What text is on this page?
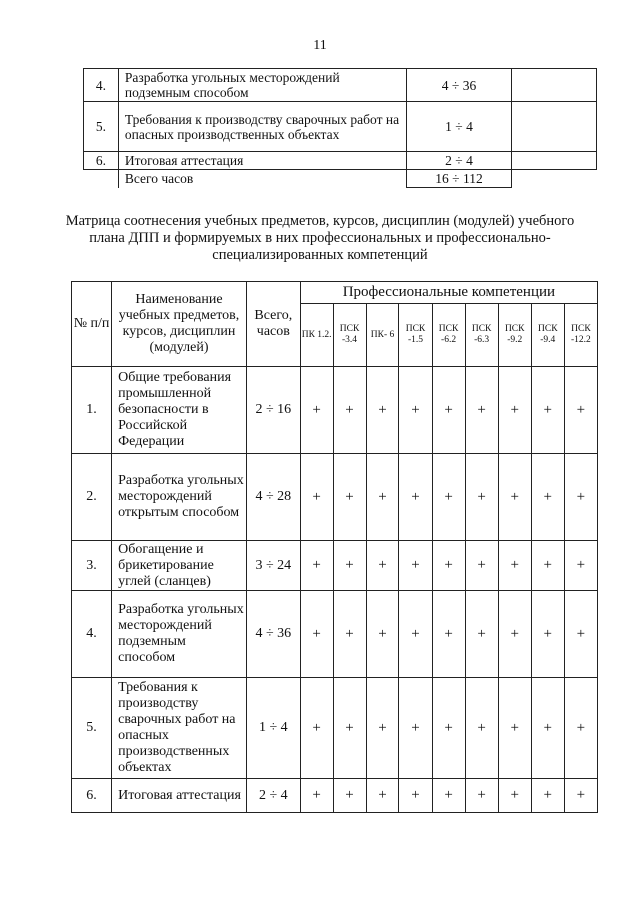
11
4.	Разработка угольных месторождений подземным способом	4 ÷ 36	
5.	Требования к производству сварочных работ на опасных производственных объектах	1 ÷ 4	
6.	Итоговая аттестация	2 ÷ 4	
	Всего часов	16 ÷ 112	
Матрица соотнесения учебных предметов, курсов, дисциплин (модулей) учебного плана ДПП и формируемых в них профессиональных и профессионально-специализированных компетенций
№ п/п	Наименование учебных предметов, курсов, дисциплин (модулей)	Всего, часов	Профессиональные компетенции								
			ПК 1.2.	ПСК -3.4	ПК- 6	ПСК -1.5	ПСК -6.2	ПСК -6.3	ПСК -9.2	ПСК -9.4	ПСК -12.2
1.	Общие требования промышленной безопасности в Российской Федерации	2 ÷ 16	+	+	+	+	+	+	+	+	+
2.	Разработка угольных месторождений открытым способом	4 ÷ 28	+	+	+	+	+	+	+	+	+
3.	Обогащение и брикетирование углей (сланцев)	3 ÷ 24	+	+	+	+	+	+	+	+	+
4.	Разработка угольных месторождений подземным способом	4 ÷ 36	+	+	+	+	+	+	+	+	+
5.	Требования к производству сварочных работ на опасных производственных объектах	1 ÷ 4	+	+	+	+	+	+	+	+	+
6.	Итоговая аттестация	2 ÷ 4	+	+	+	+	+	+	+	+	+
